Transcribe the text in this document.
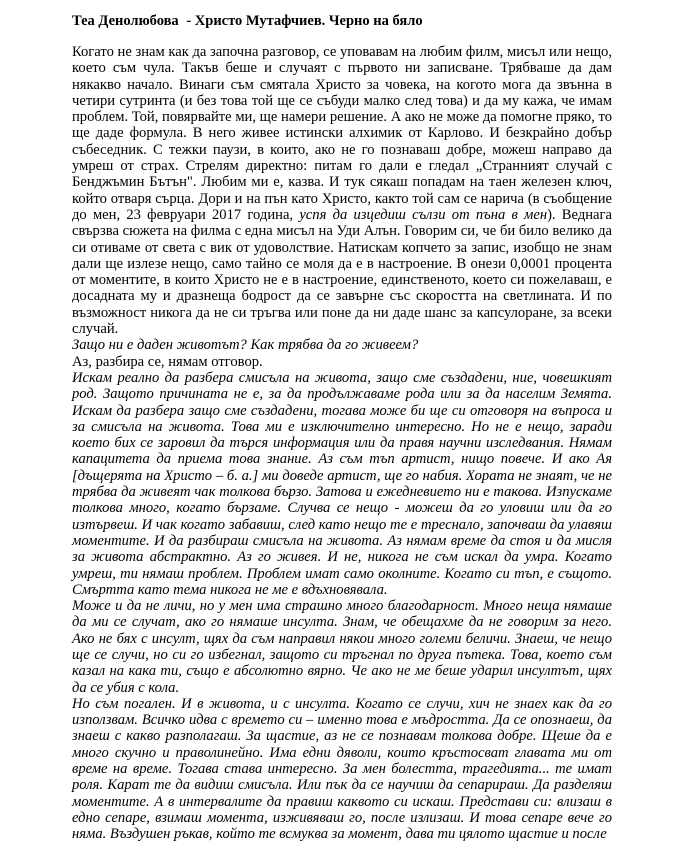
Теа Денолюбова - Христо Мутафчиев. Черно на бяло
Когато не знам как да започна разговор, се уповавам на любим филм, мисъл или нещо, което съм чула. Такъв беше и случаят с първото ни записване. Трябваше да дам някакво начало. Винаги съм смятала Христо за човека, на когото мога да звънна в четири сутринта (и без това той ще се събуди малко след това) и да му кажа, че имам проблем. Той, повярвайте ми, ще намери решение. А ако не може да помогне пряко, то ще даде формула. В него живее истински алхимик от Карлово. И безкрайно добър събеседник. С тежки паузи, в които, ако не го познаваш добре, можеш направо да умреш от страх. Стрелям директно: питам го дали е гледал „Странният случай с Бенджъмин Бътън". Любим ми е, казва. И тук сякаш попадам на таен железен ключ, който отваря сърца. Дори и на пън като Христо, както той сам се нарича (в съобщение до мен, 23 февруари 2017 година, успя да изцедиш сълзи от пъна в мен). Веднага свързва сюжета на филма с една мисъл на Уди Алън. Говорим си, че би било велико да си отиваме от света с вик от удоволствие. Натискам копчето за запис, изобщо не знам дали ще излезе нещо, само тайно се моля да е в настроение. В онези 0,0001 процента от моментите, в които Христо не е в настроение, единственото, което си пожелаваш, е досадната му и дразнеща бодрост да се завърне със скоростта на светлината. И по възможност никога да не си тръгва или поне да ни даде шанс за капсулоране, за всеки случай.

Защо ни е даден животът? Как трябва да го живеем?

Аз, разбира се, нямам отговор.

Искам реално да разбера смисъла на живота, защо сме създадени, ние, човешкият род. Защото причината не е, за да продължаваме рода или за да населим Земята. Искам да разбера защо сме създадени, тогава може би ще си отговоря на въпроса и за смисъла на живота. Това ми е изключително интересно. Но не е нещо, заради което бих се заровил да търся информация или да правя научни изследвания. Нямам капацитета да приема това знание. Аз съм тъп артист, нищо повече. И ако Ая [дъщерята на Христо – б. а.] ми доведе артист, ще го набия. Хората не знаят, че не трябва да живеят чак толкова бързо. Затова и ежедневието ни е такова. Изпускаме толкова много, когато бързаме. Случва се нещо - можеш да го уловиш или да го изтървеш. И чак когато забавиш, след като нещо те е треснало, започваш да улавяш моментите. И да разбираш смисъла на живота. Аз нямам време да стоя и да мисля за живота абстрактно. Аз го живея. И не, никога не съм искал да умра. Когато умреш, ти нямаш проблем. Проблем имат само околните. Когато си тъп, е същото. Смъртта като тема никога не ме е вдъхновявала.

Може и да не личи, но у мен има страшно много благодарност. Много неща нямаше да ми се случат, ако го нямаше инсулта. Знам, че обещахме да не говорим за него. Ако не бях с инсулт, щях да съм направил някои много големи беличи. Знаеш, че нещо ще се случи, но си го избегнал, защото си тръгнал по друга пътека. Това, което съм казал на кака ти, също е абсолютно вярно. Че ако не ме беше ударил инсултът, щях да се убия с кола.

Но съм погален. И в живота, и с инсулта. Когато се случи, хич не знаех как да го използвам. Всичко идва с времето си – именно това е мъдростта. Да се опознаеш, да знаеш с какво разполагаш. За щастие, аз не се познавам толкова добре. Щеше да е много скучно и праволинейно. Има едни дяволи, които кръстосват главата ми от време на време. Тогава става интересно. За мен болестта, трагедията... те имат роля. Карат те да видиш смисъла. Или пък да се научиш да сепарираш. Да разделяш моментите. А в интервалите да правиш каквото си искаш. Представи си: влизаш в едно сепаре, взимаш момента, изживяваш го, после излизаш. И това сепаре вече го няма. Въздушен ръкав, който те всмуква за момент, дава ти цялото щастие и после
